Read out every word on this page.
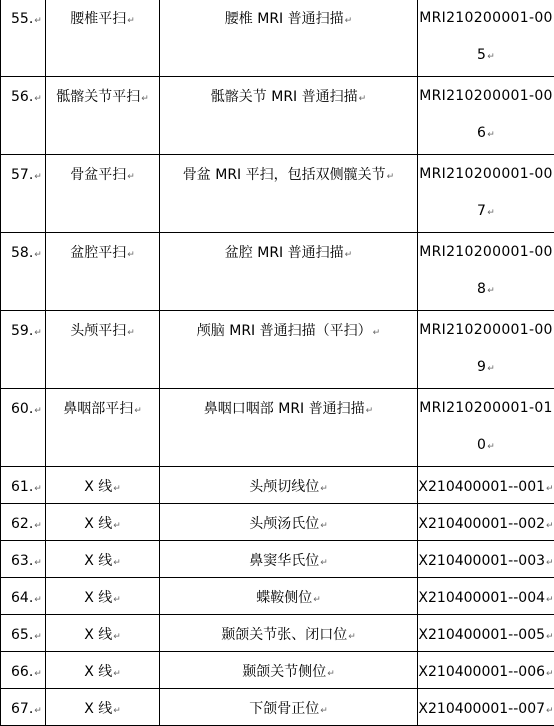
55.↵	腰椎平扫↵	腰椎 MRI 普通扫描↵	MRI210200001-00
5↵

56.↵	骶髂关节平扫↵	骶髂关节 MRI 普通扫描↵	MRI210200001-00
6↵

57.↵	骨盆平扫↵	骨盆 MRI 平扫，包括双侧髋关节↵	MRI210200001-00
7↵

58.↵	盆腔平扫↵	盆腔 MRI 普通扫描↵	MRI210200001-00
8↵

59.↵	头颅平扫↵	颅脑 MRI 普通扫描（平扫）↵	MRI210200001-00
9↵

60.↵	鼻咽部平扫↵	鼻咽口咽部 MRI 普通扫描↵	MRI210200001-01
0↵

61.↵	X 线↵	头颅切线位↵	X210400001--001↵

62.↵	X 线↵	头颅汤氏位↵	X210400001--002↵

63.↵	X 线↵	鼻窦华氏位↵	X210400001--003↵

64.↵	X 线↵	蝶鞍侧位↵	X210400001--004↵

65.↵	X 线↵	颞颌关节张、闭口位↵	X210400001--005↵

66.↵	X 线↵	颞颌关节侧位↵	X210400001--006↵

67.↵	X 线↵	下颌骨正位↵	X210400001--007↵
